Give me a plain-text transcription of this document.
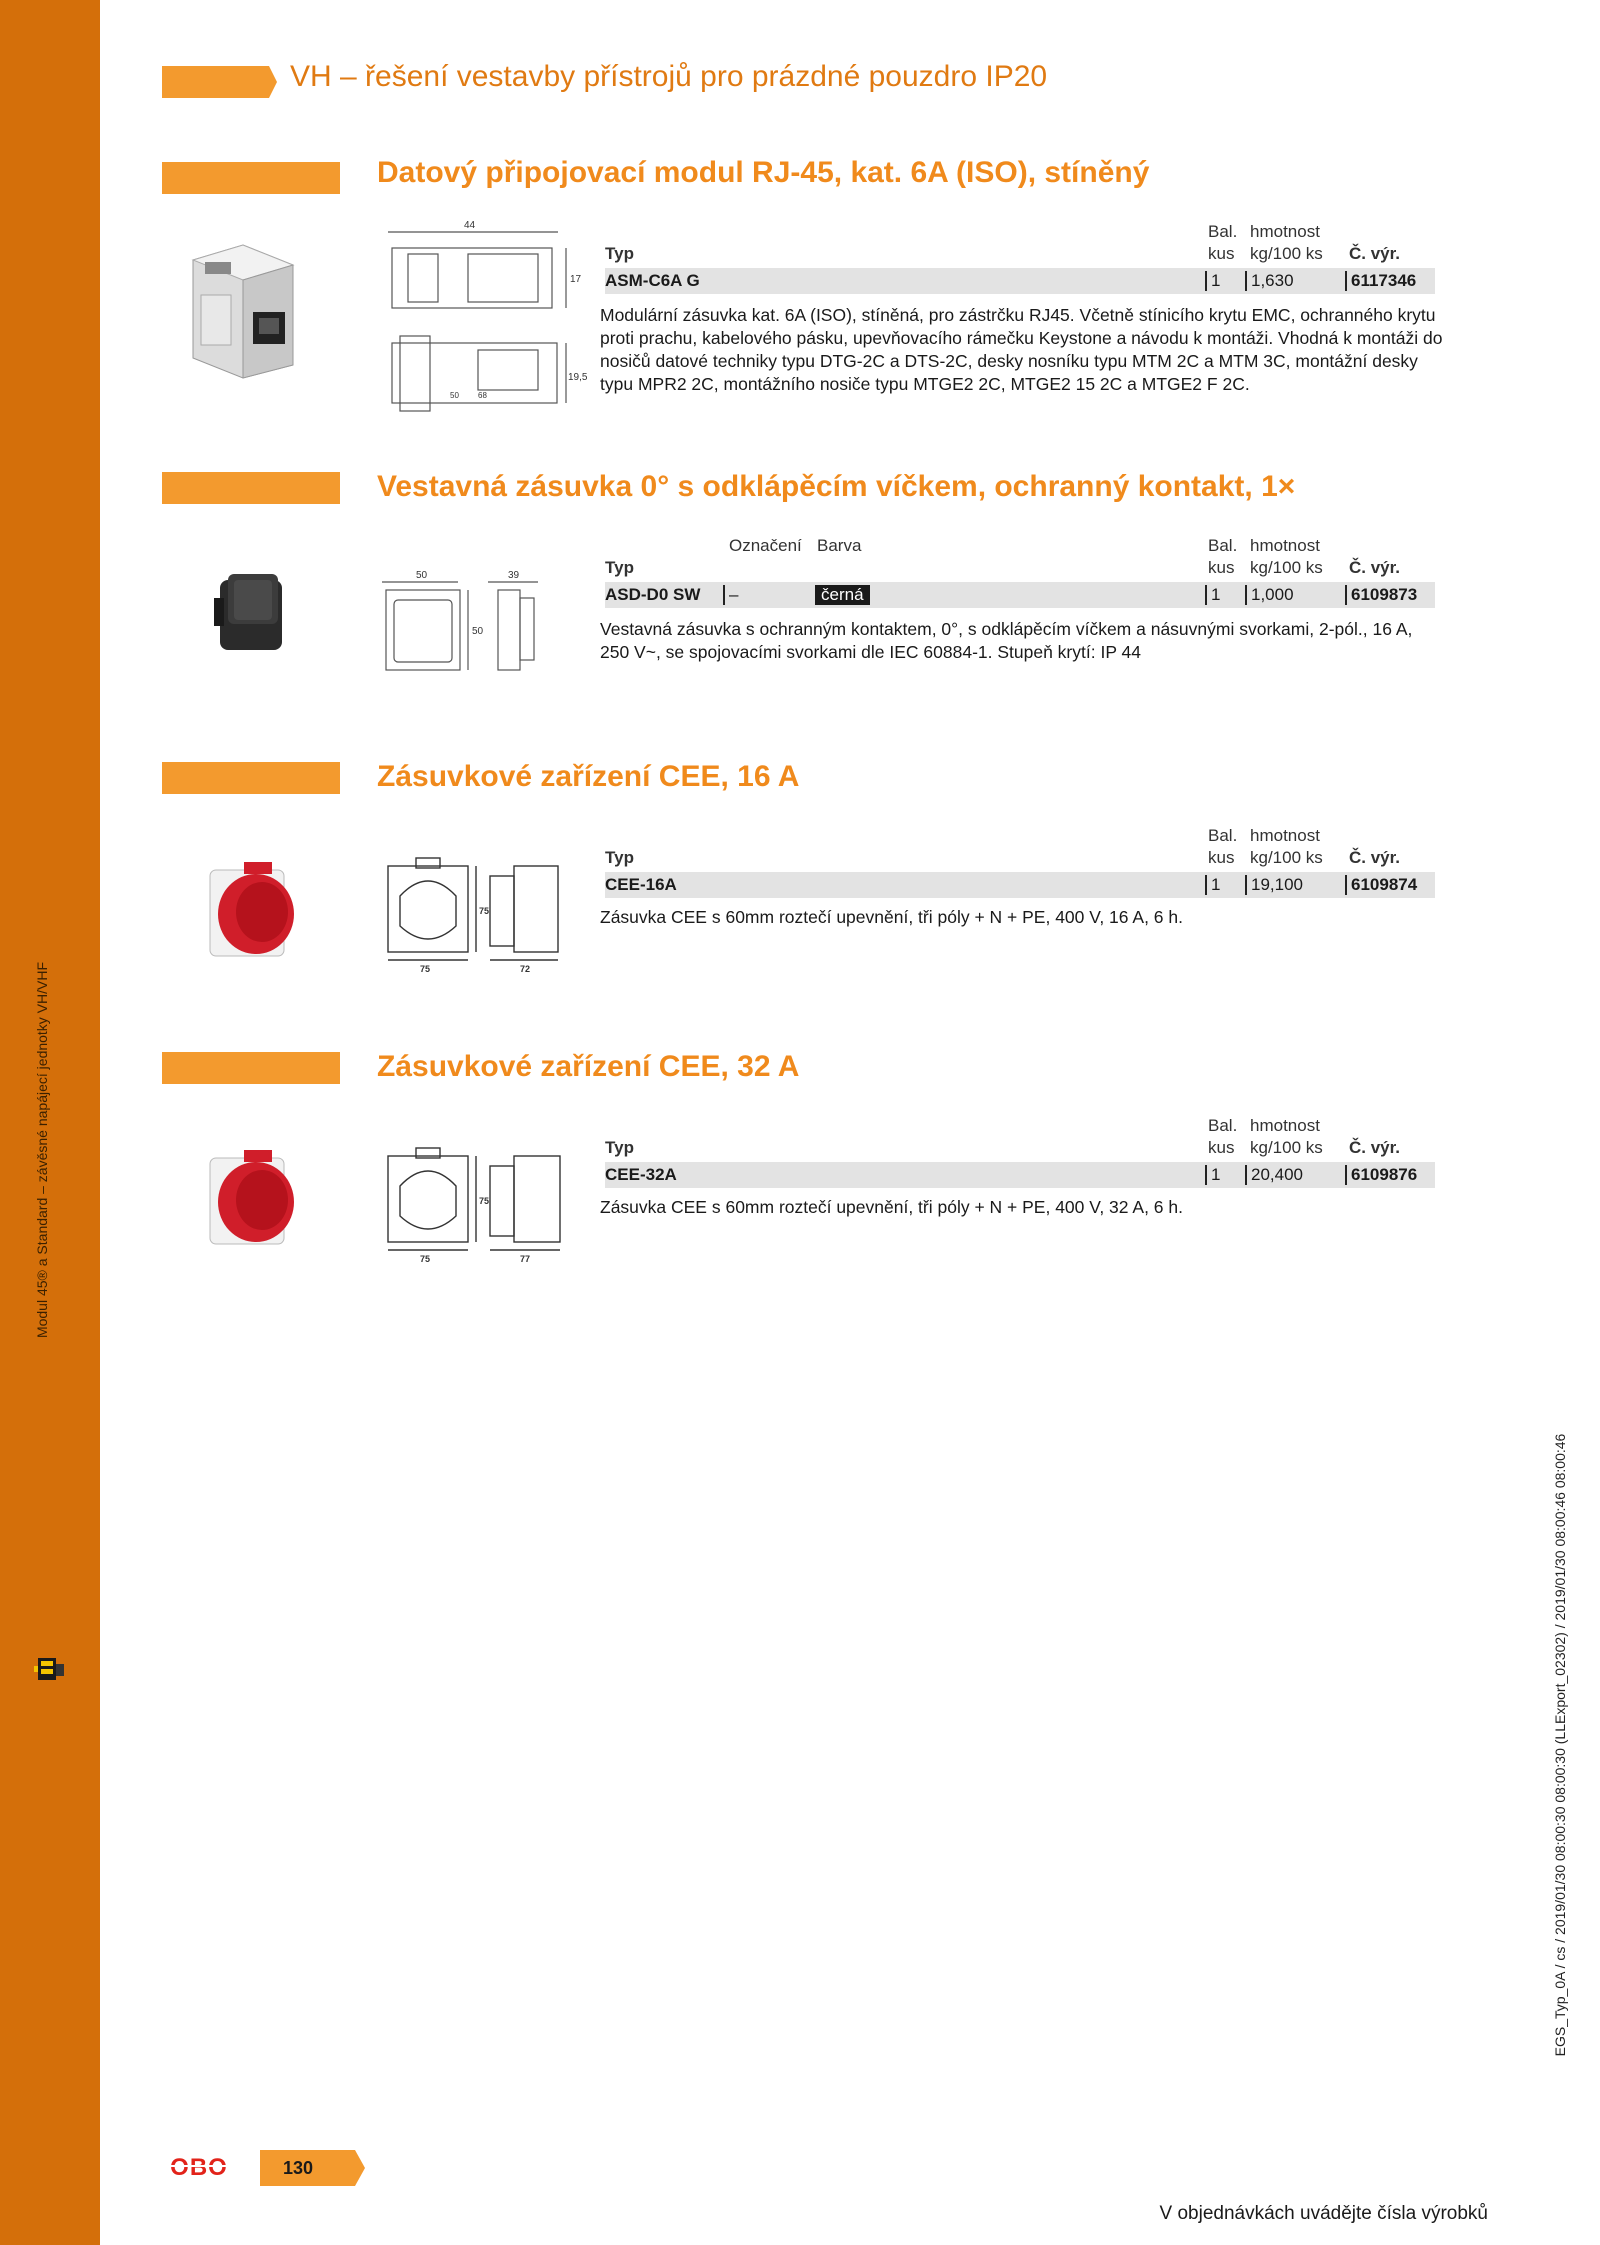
Modul 45® a Standard – závěsné napájecí jednotky VH/VHF
VH – řešení vestavby přístrojů pro prázdné pouzdro IP20
Datový připojovací modul RJ-45, kat. 6A (ISO), stíněný
44
17
19,5
50 68
Typ
Bal. hmotnost
kus kg/100 ks Č. výr.
ASM-C6A G	1	1,630	6117346
Modulární zásuvka kat. 6A (ISO), stíněná, pro zástrčku RJ45. Včetně stínicího krytu EMC, ochranného krytu proti prachu, kabelového pásku, upevňovacího rámečku Keystone a návodu k montáži. Vhodná k montáži do nosičů datové techniky typu DTG-2C a DTS-2C, desky nosníku typu MTM 2C a MTM 3C, montážní desky typu MPR2 2C, montážního nosiče typu MTGE2 2C, MTGE2 15 2C a MTGE2 F 2C.
Vestavná zásuvka 0° s odklápěcím víčkem, ochranný kontakt, 1×
50
50
39
Označení Barva
Typ
Bal. hmotnost
kus kg/100 ks Č. výr.
ASD-D0 SW	–	černá	1	1,000	6109873
Vestavná zásuvka s ochranným kontaktem, 0°, s odklápěcím víčkem a násuvnými svorkami, 2-pól., 16 A, 250 V~, se spojovacími svorkami dle IEC 60884-1. Stupeň krytí: IP 44
Zásuvkové zařízení CEE, 16 A
75
75
72
Typ
Bal. hmotnost
kus kg/100 ks Č. výr.
CEE-16A	1	19,100	6109874
Zásuvka CEE s 60mm roztečí upevnění, tři póly + N + PE, 400 V, 16 A, 6 h.
Zásuvkové zařízení CEE, 32 A
75
75
77
Typ
Bal. hmotnost
kus kg/100 ks Č. výr.
CEE-32A	1	20,400	6109876
Zásuvka CEE s 60mm roztečí upevnění, tři póly + N + PE, 400 V, 32 A, 6 h.
OBO	130
V objednávkách uvádějte čísla výrobků
EGS_Typ_0A / cs / 2019/01/30 08:00:30 08:00:30 (LLExport_02302) / 2019/01/30 08:00:46 08:00:46
